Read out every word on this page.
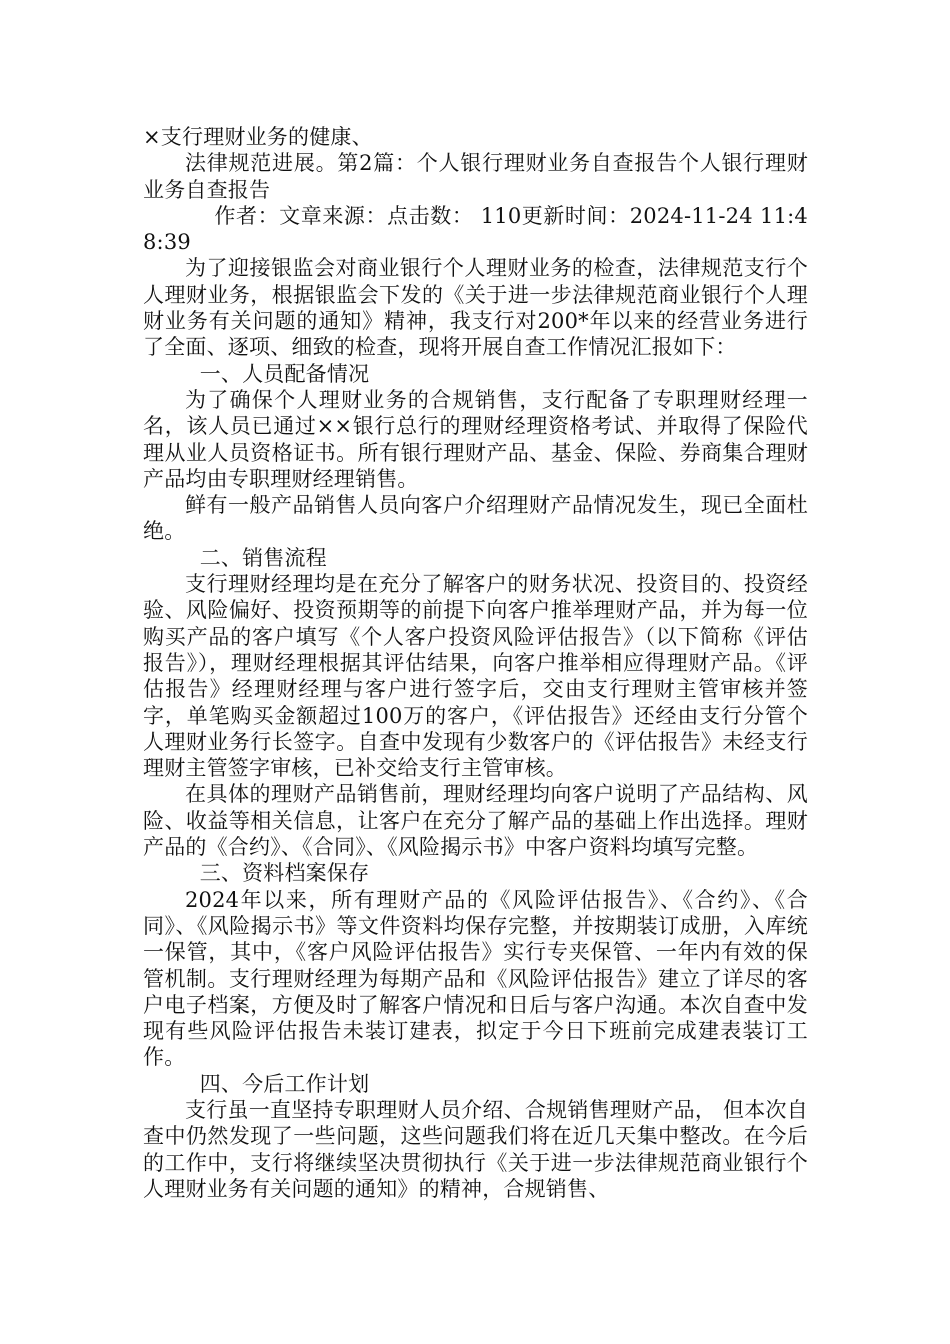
×支行理财业务的健康、

法律规范进展。第2篇：个人银行理财业务自查报告个人银行理财业务自查报告

作者：文章来源：点击数： 110更新时间：2024-11-24 11:48:39

为了迎接银监会对商业银行个人理财业务的检查，法律规范支行个人理财业务，根据银监会下发的《关于进一步法律规范商业银行个人理财业务有关问题的通知》精神，我支行对200*年以来的经营业务进行了全面、逐项、细致的检查，现将开展自查工作情况汇报如下：

一、人员配备情况

为了确保个人理财业务的合规销售，支行配备了专职理财经理一名，该人员已通过××银行总行的理财经理资格考试、并取得了保险代理从业人员资格证书。所有银行理财产品、基金、保险、券商集合理财产品均由专职理财经理销售。

鲜有一般产品销售人员向客户介绍理财产品情况发生，现已全面杜绝。

二、销售流程

支行理财经理均是在充分了解客户的财务状况、投资目的、投资经验、风险偏好、投资预期等的前提下向客户推举理财产品，并为每一位购买产品的客户填写《个人客户投资风险评估报告》（以下简称《评估报告》），理财经理根据其评估结果，向客户推举相应得理财产品。《评估报告》经理财经理与客户进行签字后，交由支行理财主管审核并签字，单笔购买金额超过100万的客户，《评估报告》还经由支行分管个人理财业务行长签字。自查中发现有少数客户的《评估报告》未经支行理财主管签字审核，已补交给支行主管审核。

在具体的理财产品销售前，理财经理均向客户说明了产品结构、风险、收益等相关信息，让客户在充分了解产品的基础上作出选择。理财产品的《合约》、《合同》、《风险揭示书》中客户资料均填写完整。

三、资料档案保存

2024年以来，所有理财产品的《风险评估报告》、《合约》、《合同》、《风险揭示书》等文件资料均保存完整，并按期装订成册，入库统一保管，其中，《客户风险评估报告》实行专夹保管、一年内有效的保管机制。支行理财经理为每期产品和《风险评估报告》建立了详尽的客户电子档案，方便及时了解客户情况和日后与客户沟通。本次自查中发现有些风险评估报告未装订建表，拟定于今日下班前完成建表装订工作。

四、今后工作计划

支行虽一直坚持专职理财人员介绍、合规销售理财产品， 但本次自查中仍然发现了一些问题，这些问题我们将在近几天集中整改。在今后的工作中，支行将继续坚决贯彻执行《关于进一步法律规范商业银行个人理财业务有关问题的通知》的精神，合规销售、
